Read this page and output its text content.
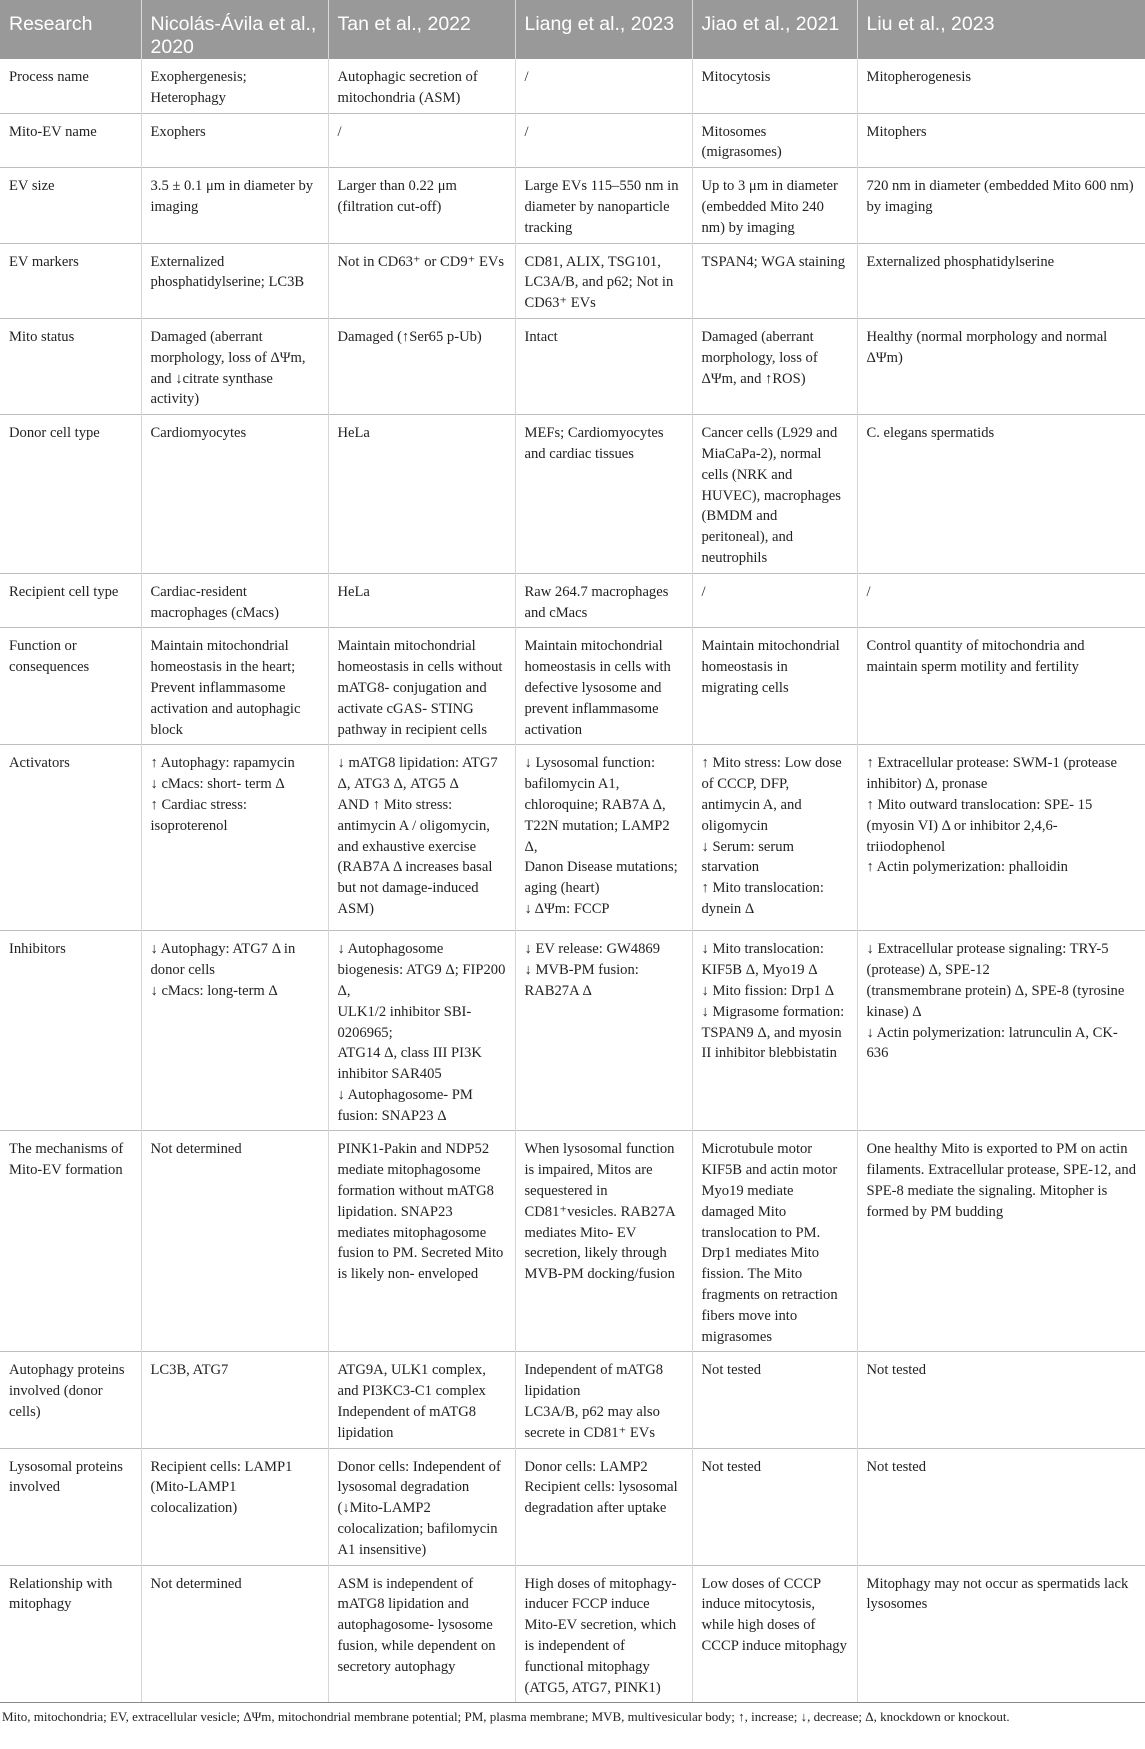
Research	Nicolás-Ávila et al., 2020	Tan et al., 2022	Liang et al., 2023	Jiao et al., 2021	Liu et al., 2023
Process name	Exophergenesis; Heterophagy	Autophagic secretion of mitochondria (ASM)	/	Mitocytosis	Mitopherogenesis

Mito-EV name	Exophers	/	/	Mitosomes (migrasomes)	Mitophers

EV size	3.5 ± 0.1 μm in diameter by imaging	Larger than 0.22 μm (filtration cut-off)	Large EVs 115–550 nm in diameter by nanoparticle tracking	Up to 3 μm in diameter (embedded Mito 240 nm) by imaging	720 nm in diameter (embedded Mito 600 nm) by imaging

EV markers	Externalized phosphatidylserine; LC3B	Not in CD63⁺ or CD9⁺ EVs	CD81, ALIX, TSG101, LC3A/B, and p62; Not in CD63⁺ EVs	TSPAN4; WGA staining	Externalized phosphatidylserine

Mito status	Damaged (aberrant morphology, loss of ΔΨm, and ↓citrate synthase activity)	Damaged (↑Ser65 p-Ub)	Intact	Damaged (aberrant morphology, loss of ΔΨm, and ↑ROS)	Healthy (normal morphology and normal ΔΨm)

Donor cell type	Cardiomyocytes	HeLa	MEFs; Cardiomyocytes and cardiac tissues	Cancer cells (L929 and MiaCaPa-2), normal cells (NRK and HUVEC), macrophages (BMDM and peritoneal), and neutrophils	C. elegans spermatids

Recipient cell type	Cardiac-resident macrophages (cMacs)	HeLa	Raw 264.7 macrophages and cMacs	/	/

Function or consequences	Maintain mitochondrial homeostasis in the heart; Prevent inflammasome activation and autophagic block	Maintain mitochondrial homeostasis in cells without mATG8- conjugation and activate cGAS- STING pathway in recipient cells	Maintain mitochondrial homeostasis in cells with defective lysosome and prevent inflammasome activation	Maintain mitochondrial homeostasis in migrating cells	Control quantity of mitochondria and maintain sperm motility and fertility

Activators	↑ Autophagy: rapamycin
↓ cMacs: short- term Δ
↑ Cardiac stress: isoproterenol	↓ mATG8 lipidation: ATG7 Δ, ATG3 Δ, ATG5 Δ
AND ↑ Mito stress: antimycin A / oligomycin, and exhaustive exercise
(RAB7A Δ increases basal but not damage-induced ASM)	↓ Lysosomal function: bafilomycin A1, chloroquine; RAB7A Δ, T22N mutation; LAMP2 Δ,
Danon Disease mutations; aging (heart)
↓ ΔΨm: FCCP	↑ Mito stress: Low dose of CCCP, DFP, antimycin A, and oligomycin
↓ Serum: serum starvation
↑ Mito translocation: dynein Δ	↑ Extracellular protease: SWM-1 (protease inhibitor) Δ, pronase
↑ Mito outward translocation: SPE- 15 (myosin VI) Δ or inhibitor 2,4,6- triiodophenol
↑ Actin polymerization: phalloidin

Inhibitors	↓ Autophagy: ATG7 Δ in donor cells
↓ cMacs: long-term Δ	↓ Autophagosome biogenesis: ATG9 Δ; FIP200 Δ,
ULK1/2 inhibitor SBI-0206965;
ATG14 Δ, class III PI3K inhibitor SAR405
↓ Autophagosome- PM fusion: SNAP23 Δ	↓ EV release: GW4869
↓ MVB-PM fusion: RAB27A Δ	↓ Mito translocation: KIF5B Δ, Myo19 Δ
↓ Mito fission: Drp1 Δ
↓ Migrasome formation: TSPAN9 Δ, and myosin II inhibitor blebbistatin	↓ Extracellular protease signaling: TRY-5 (protease) Δ, SPE-12
(transmembrane protein) Δ, SPE-8 (tyrosine kinase) Δ
↓ Actin polymerization: latrunculin A, CK- 636

The mechanisms of Mito-EV formation	Not determined	PINK1-Pakin and NDP52 mediate mitophagosome formation without mATG8 lipidation. SNAP23 mediates mitophagosome fusion to PM. Secreted Mito is likely non- enveloped	When lysosomal function is impaired, Mitos are sequestered in CD81⁺vesicles. RAB27A mediates Mito- EV secretion, likely through MVB-PM docking/fusion	Microtubule motor KIF5B and actin motor Myo19 mediate damaged Mito translocation to PM. Drp1 mediates Mito fission. The Mito fragments on retraction fibers move into migrasomes	One healthy Mito is exported to PM on actin filaments. Extracellular protease, SPE-12, and SPE-8 mediate the signaling. Mitopher is formed by PM budding

Autophagy proteins involved (donor cells)	LC3B, ATG7	ATG9A, ULK1 complex, and PI3KC3-C1 complex
Independent of mATG8 lipidation	Independent of mATG8 lipidation
LC3A/B, p62 may also secrete in CD81⁺ EVs	Not tested	Not tested

Lysosomal proteins involved	Recipient cells: LAMP1 (Mito-LAMP1 colocalization)	Donor cells: Independent of lysosomal degradation (↓Mito-LAMP2 colocalization; bafilomycin A1 insensitive)	Donor cells: LAMP2
Recipient cells: lysosomal degradation after uptake	Not tested	Not tested

Relationship with mitophagy	Not determined	ASM is independent of mATG8 lipidation and autophagosome- lysosome fusion, while dependent on secretory autophagy	High doses of mitophagy-inducer FCCP induce Mito-EV secretion, which is independent of functional mitophagy (ATG5, ATG7, PINK1)	Low doses of CCCP induce mitocytosis, while high doses of CCCP induce mitophagy	Mitophagy may not occur as spermatids lack lysosomes
Mito, mitochondria; EV, extracellular vesicle; ΔΨm, mitochondrial membrane potential; PM, plasma membrane; MVB, multivesicular body; ↑, increase; ↓, decrease; Δ, knockdown or knockout.
